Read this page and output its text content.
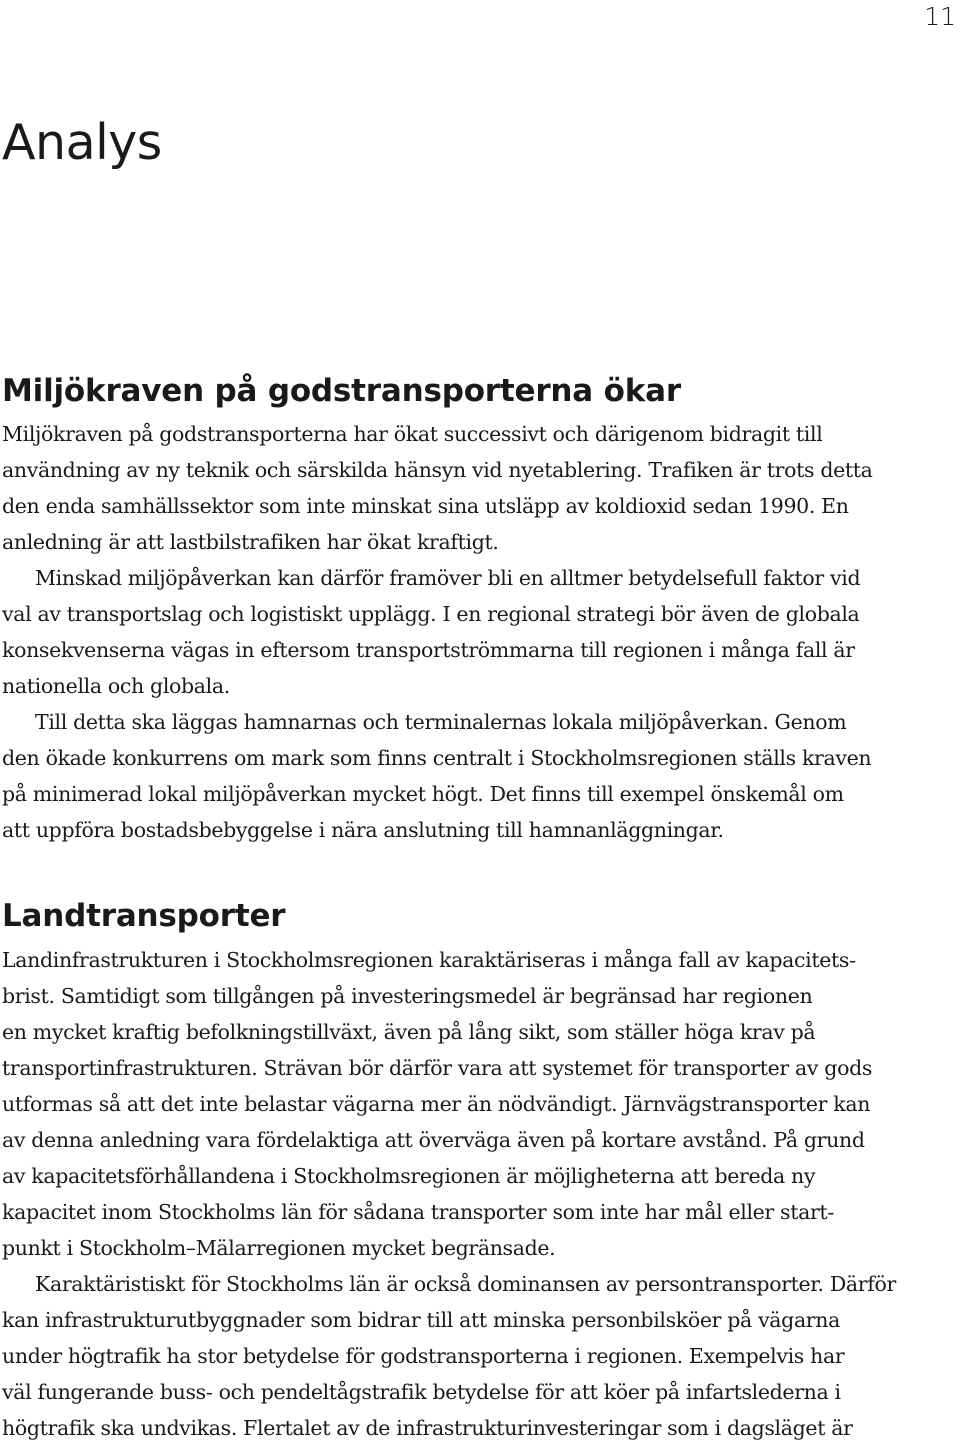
11
Analys
Miljökraven på godstransporterna ökar
Miljökraven på godstransporterna har ökat successivt och därigenom bidragit till
användning av ny teknik och särskilda hänsyn vid nyetablering. Trafiken är trots detta
den enda samhällssektor som inte minskat sina utsläpp av koldioxid sedan 1990. En
anledning är att lastbilstrafiken har ökat kraftigt.
Minskad miljöpåverkan kan därför framöver bli en alltmer betydelsefull faktor vid
val av transportslag och logistiskt upplägg. I en regional strategi bör även de globala
konsekvenserna vägas in eftersom transportströmmarna till regionen i många fall är
nationella och globala.
Till detta ska läggas hamnarnas och terminalernas lokala miljöpåverkan. Genom
den ökade konkurrens om mark som finns centralt i Stockholmsregionen ställs kraven
på minimerad lokal miljöpåverkan mycket högt. Det finns till exempel önskemål om
att uppföra bostadsbebyggelse i nära anslutning till hamnanläggningar.
Landtransporter
Landinfrastrukturen i Stockholmsregionen karaktäriseras i många fall av kapacitets-
brist. Samtidigt som tillgången på investeringsmedel är begränsad har regionen
en mycket kraftig befolkningstillväxt, även på lång sikt, som ställer höga krav på
transportinfrastrukturen. Strävan bör därför vara att systemet för transporter av gods
utformas så att det inte belastar vägarna mer än nödvändigt. Järnvägstransporter kan
av denna anledning vara fördelaktiga att överväga även på kortare avstånd. På grund
av kapacitetsförhållandena i Stockholmsregionen är möjligheterna att bereda ny
kapacitet inom Stockholms län för sådana transporter som inte har mål eller start-
punkt i Stockholm–Mälarregionen mycket begränsade.
Karaktäristiskt för Stockholms län är också dominansen av persontransporter. Därför
kan infrastrukturutbyggnader som bidrar till att minska personbilsköer på vägarna
under högtrafik ha stor betydelse för godstransporterna i regionen. Exempelvis har
väl fungerande buss- och pendeltågstrafik betydelse för att köer på infartslederna i
högtrafik ska undvikas. Flertalet av de infrastrukturinvesteringar som i dagsläget är
